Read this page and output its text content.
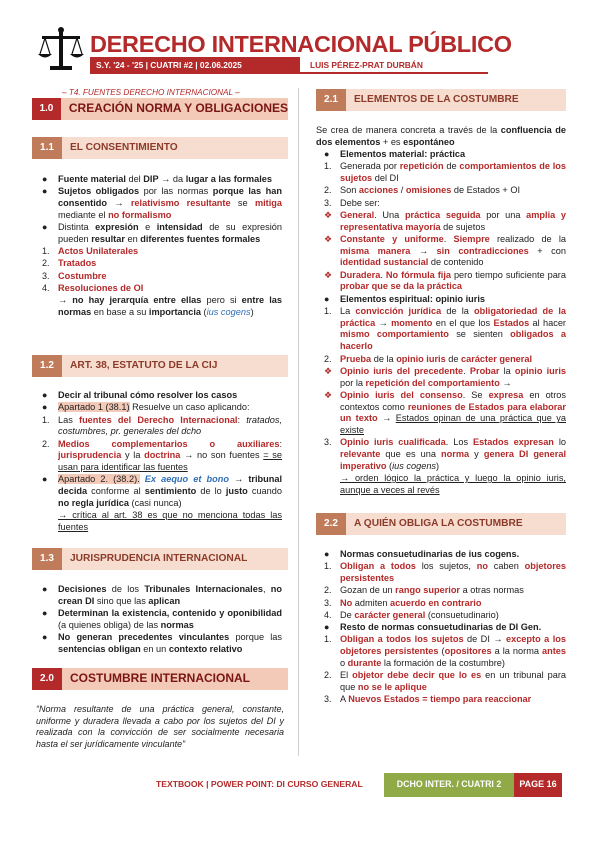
DERECHO INTERNACIONAL PÚBLICO
S.Y. '24 - '25 | CUATRI #2 | 02.06.2025	LUIS PÉREZ-PRAT DURBÁN
– T4. FUENTES DERECHO INTERNACIONAL –
1.0	CREACIÓN NORMA Y OBLIGACIONES
1.1	EL CONSENTIMIENTO
●	Fuente material del DIP → da lugar a las formales
●	Sujetos obligados por las normas porque las han consentido → relativismo resultante se mitiga mediante el no formalismo
●	Distinta expresión e intensidad de su expresión pueden resultar en diferentes fuentes formales
1. Actos Unilaterales
2. Tratados
3. Costumbre
4. Resoluciones de OI
→ no hay jerarquía entre ellas pero si entre las normas en base a su importancia (ius cogens)
1.2	ART. 38, ESTATUTO DE LA CIJ
●	Decir al tribunal cómo resolver los casos
●	Apartado 1 (38.1) Resuelve un caso aplicando:
1. Las fuentes del Derecho Internacional: tratados, costumbres, pr. generales del dcho
2. Medios complementarios o auxiliares: jurisprudencia y la doctrina → no son fuentes = se usan para identificar las fuentes
●	Apartado 2. (38.2). Ex aequo et bono → tribunal decida conforme al sentimiento de lo justo cuando no regla jurídica (casi nunca)
→ crítica al art. 38 es que no menciona todas las fuentes
1.3	JURISPRUDENCIA INTERNACIONAL
●	Decisiones de los Tribunales Internacionales, no crean DI sino que las aplican
●	Determinan la existencia, contenido y oponibilidad (a quienes obliga) de las normas
●	No generan precedentes vinculantes porque las sentencias obligan en un contexto relativo
2.0	COSTUMBRE INTERNACIONAL
“Norma resultante de una práctica general, constante, uniforme y duradera llevada a cabo por los sujetos del DI y realizada con la convicción de ser socialmente necesaria hasta el ser jurídicamente vinculante”
2.1	ELEMENTOS DE LA COSTUMBRE
Se crea de manera concreta a través de la confluencia de dos elementos + es espontáneo
●	Elementos material: práctica
1. Generada por repetición de comportamientos de los sujetos del DI
2. Son acciones / omisiones de Estados + OI
3. Debe ser:
❖ General. Una práctica seguida por una amplia y representativa mayoría de sujetos
❖ Constante y uniforme. Siempre realizado de la misma manera → sin contradicciones + con identidad sustancial de contenido
❖ Duradera. No fórmula fija pero tiempo suficiente para probar que se da la práctica
●	Elementos espiritual: opinio iuris
1. La convicción jurídica de la obligatoriedad de la práctica → momento en el que los Estados al hacer mismo comportamiento se sienten obligados a hacerlo
2. Prueba de la opinio iuris de carácter general
❖ Opinio iuris del precedente. Probar la opinio iuris por la repetición del comportamiento →
❖ Opinio iuris del consenso. Se expresa en otros contextos como reuniones de Estados para elaborar un texto → Estados opinan de una práctica que ya existe
3. Opinio iuris cualificada. Los Estados expresan lo relevante que es una norma y genera DI general imperativo (ius cogens)
→ orden lógico la práctica y luego la opinio iuris, aunque a veces al revés
2.2	A QUIÉN OBLIGA LA COSTUMBRE
●	Normas consuetudinarias de ius cogens.
1. Obligan a todos los sujetos, no caben objetores persistentes
2. Gozan de un rango superior a otras normas
3. No admiten acuerdo en contrario
4. De carácter general (consuetudinario)
●	Resto de normas consuetudinarias de DI Gen.
1. Obligan a todos los sujetos de DI → excepto a los objetores persistentes (opositores a la norma antes o durante la formación de la costumbre)
2. El objetor debe decir que lo es en un tribunal para que no se le aplique
3. A Nuevos Estados = tiempo para reaccionar
TEXTBOOK | POWER POINT: DI CURSO GENERAL	DCHO INTER. / CUATRI 2	PAGE 16
